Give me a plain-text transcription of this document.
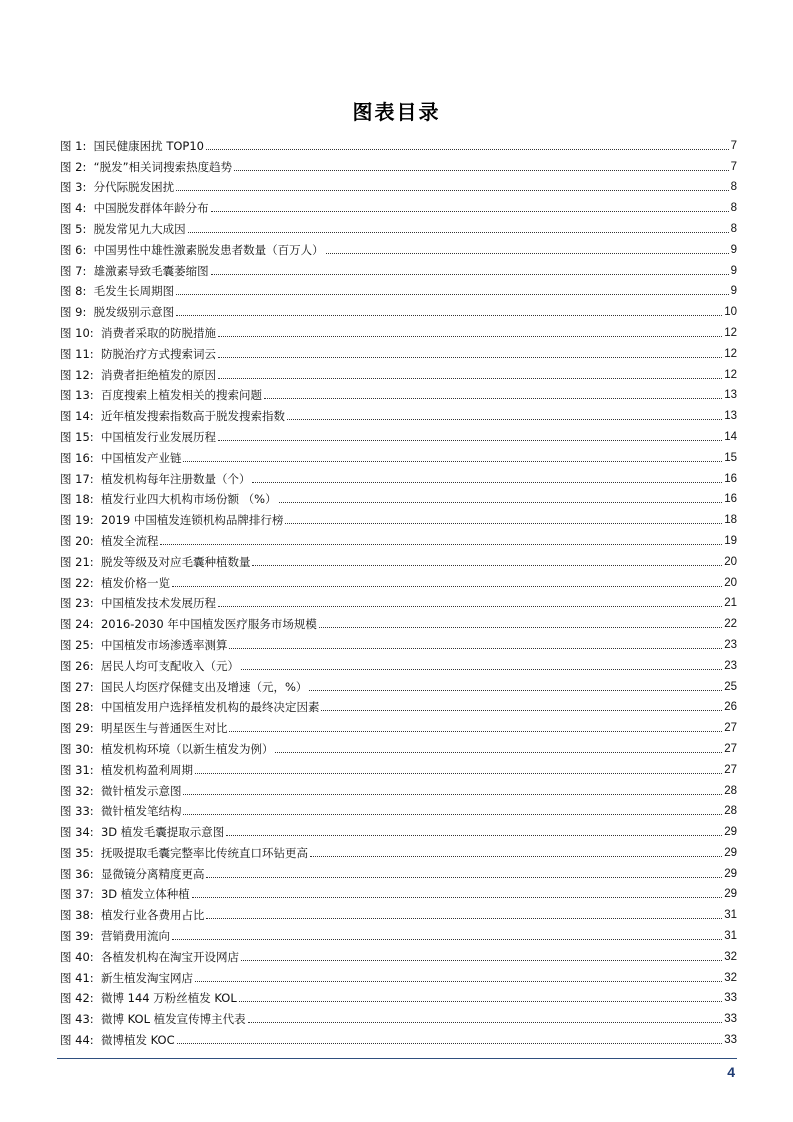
图表目录
图 1: 国民健康困扰 TOP10	7
图 2: “脱发”相关词搜索热度趋势	7
图 3: 分代际脱发困扰	8
图 4: 中国脱发群体年龄分布	8
图 5: 脱发常见九大成因	8
图 6: 中国男性中雄性激素脱发患者数量（百万人）	9
图 7: 雄激素导致毛囊萎缩图	9
图 8: 毛发生长周期图	9
图 9: 脱发级别示意图	10
图 10: 消费者采取的防脱措施	12
图 11: 防脱治疗方式搜索词云	12
图 12: 消费者拒绝植发的原因	12
图 13: 百度搜索上植发相关的搜索问题	13
图 14: 近年植发搜索指数高于脱发搜索指数	13
图 15: 中国植发行业发展历程	14
图 16: 中国植发产业链	15
图 17: 植发机构每年注册数量（个）	16
图 18: 植发行业四大机构市场份额 （%）	16
图 19: 2019 中国植发连锁机构品牌排行榜	18
图 20: 植发全流程	19
图 21: 脱发等级及对应毛囊种植数量	20
图 22: 植发价格一览	20
图 23: 中国植发技术发展历程	21
图 24: 2016-2030 年中国植发医疗服务市场规模	22
图 25: 中国植发市场渗透率测算	23
图 26: 居民人均可支配收入（元）	23
图 27: 国民人均医疗保健支出及增速（元，%）	25
图 28: 中国植发用户选择植发机构的最终决定因素	26
图 29: 明星医生与普通医生对比	27
图 30: 植发机构环境（以新生植发为例）	27
图 31: 植发机构盈利周期	27
图 32: 微针植发示意图	28
图 33: 微针植发笔结构	28
图 34: 3D 植发毛囊提取示意图	29
图 35: 抚吸提取毛囊完整率比传统直口环钻更高	29
图 36: 显微镜分离精度更高	29
图 37: 3D 植发立体种植	29
图 38: 植发行业各费用占比	31
图 39: 营销费用流向	31
图 40: 各植发机构在淘宝开设网店	32
图 41: 新生植发淘宝网店	32
图 42: 微博 144 万粉丝植发 KOL	33
图 43: 微博 KOL 植发宣传博主代表	33
图 44: 微博植发 KOC	33
4
